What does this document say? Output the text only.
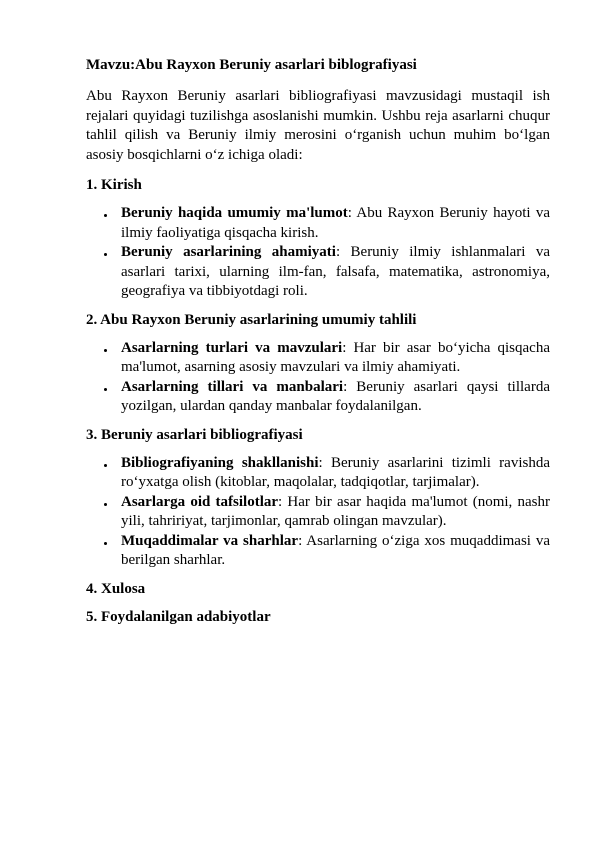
Mavzu:Abu Rayxon Beruniy asarlari biblografiyasi
Abu Rayxon Beruniy asarlari bibliografiyasi mavzusidagi mustaqil ish rejalari quyidagi tuzilishga asoslanishi mumkin. Ushbu reja asarlarni chuqur tahlil qilish va Beruniy ilmiy merosini o‘rganish uchun muhim bo‘lgan asosiy bosqichlarni o‘z ichiga oladi:
1. Kirish
Beruniy haqida umumiy ma'lumot: Abu Rayxon Beruniy hayoti va ilmiy faoliyatiga qisqacha kirish.
Beruniy asarlarining ahamiyati: Beruniy ilmiy ishlanmalari va asarlari tarixi, ularning ilm-fan, falsafa, matematika, astronomiya, geografiya va tibbiyotdagi roli.
2. Abu Rayxon Beruniy asarlarining umumiy tahlili
Asarlarning turlari va mavzulari: Har bir asar bo‘yicha qisqacha ma'lumot, asarning asosiy mavzulari va ilmiy ahamiyati.
Asarlarning tillari va manbalari: Beruniy asarlari qaysi tillarda yozilgan, ulardan qanday manbalar foydalanilgan.
3. Beruniy asarlari bibliografiyasi
Bibliografiyaning shakllanishi: Beruniy asarlarini tizimli ravishda ro‘yxatga olish (kitoblar, maqolalar, tadqiqotlar, tarjimalar).
Asarlarga oid tafsilotlar: Har bir asar haqida ma'lumot (nomi, nashr yili, tahririyat, tarjimonlar, qamrab olingan mavzular).
Muqaddimalar va sharhlar: Asarlarning o‘ziga xos muqaddimasi va berilgan sharhlar.
4. Xulosa
5. Foydalanilgan adabiyotlar
